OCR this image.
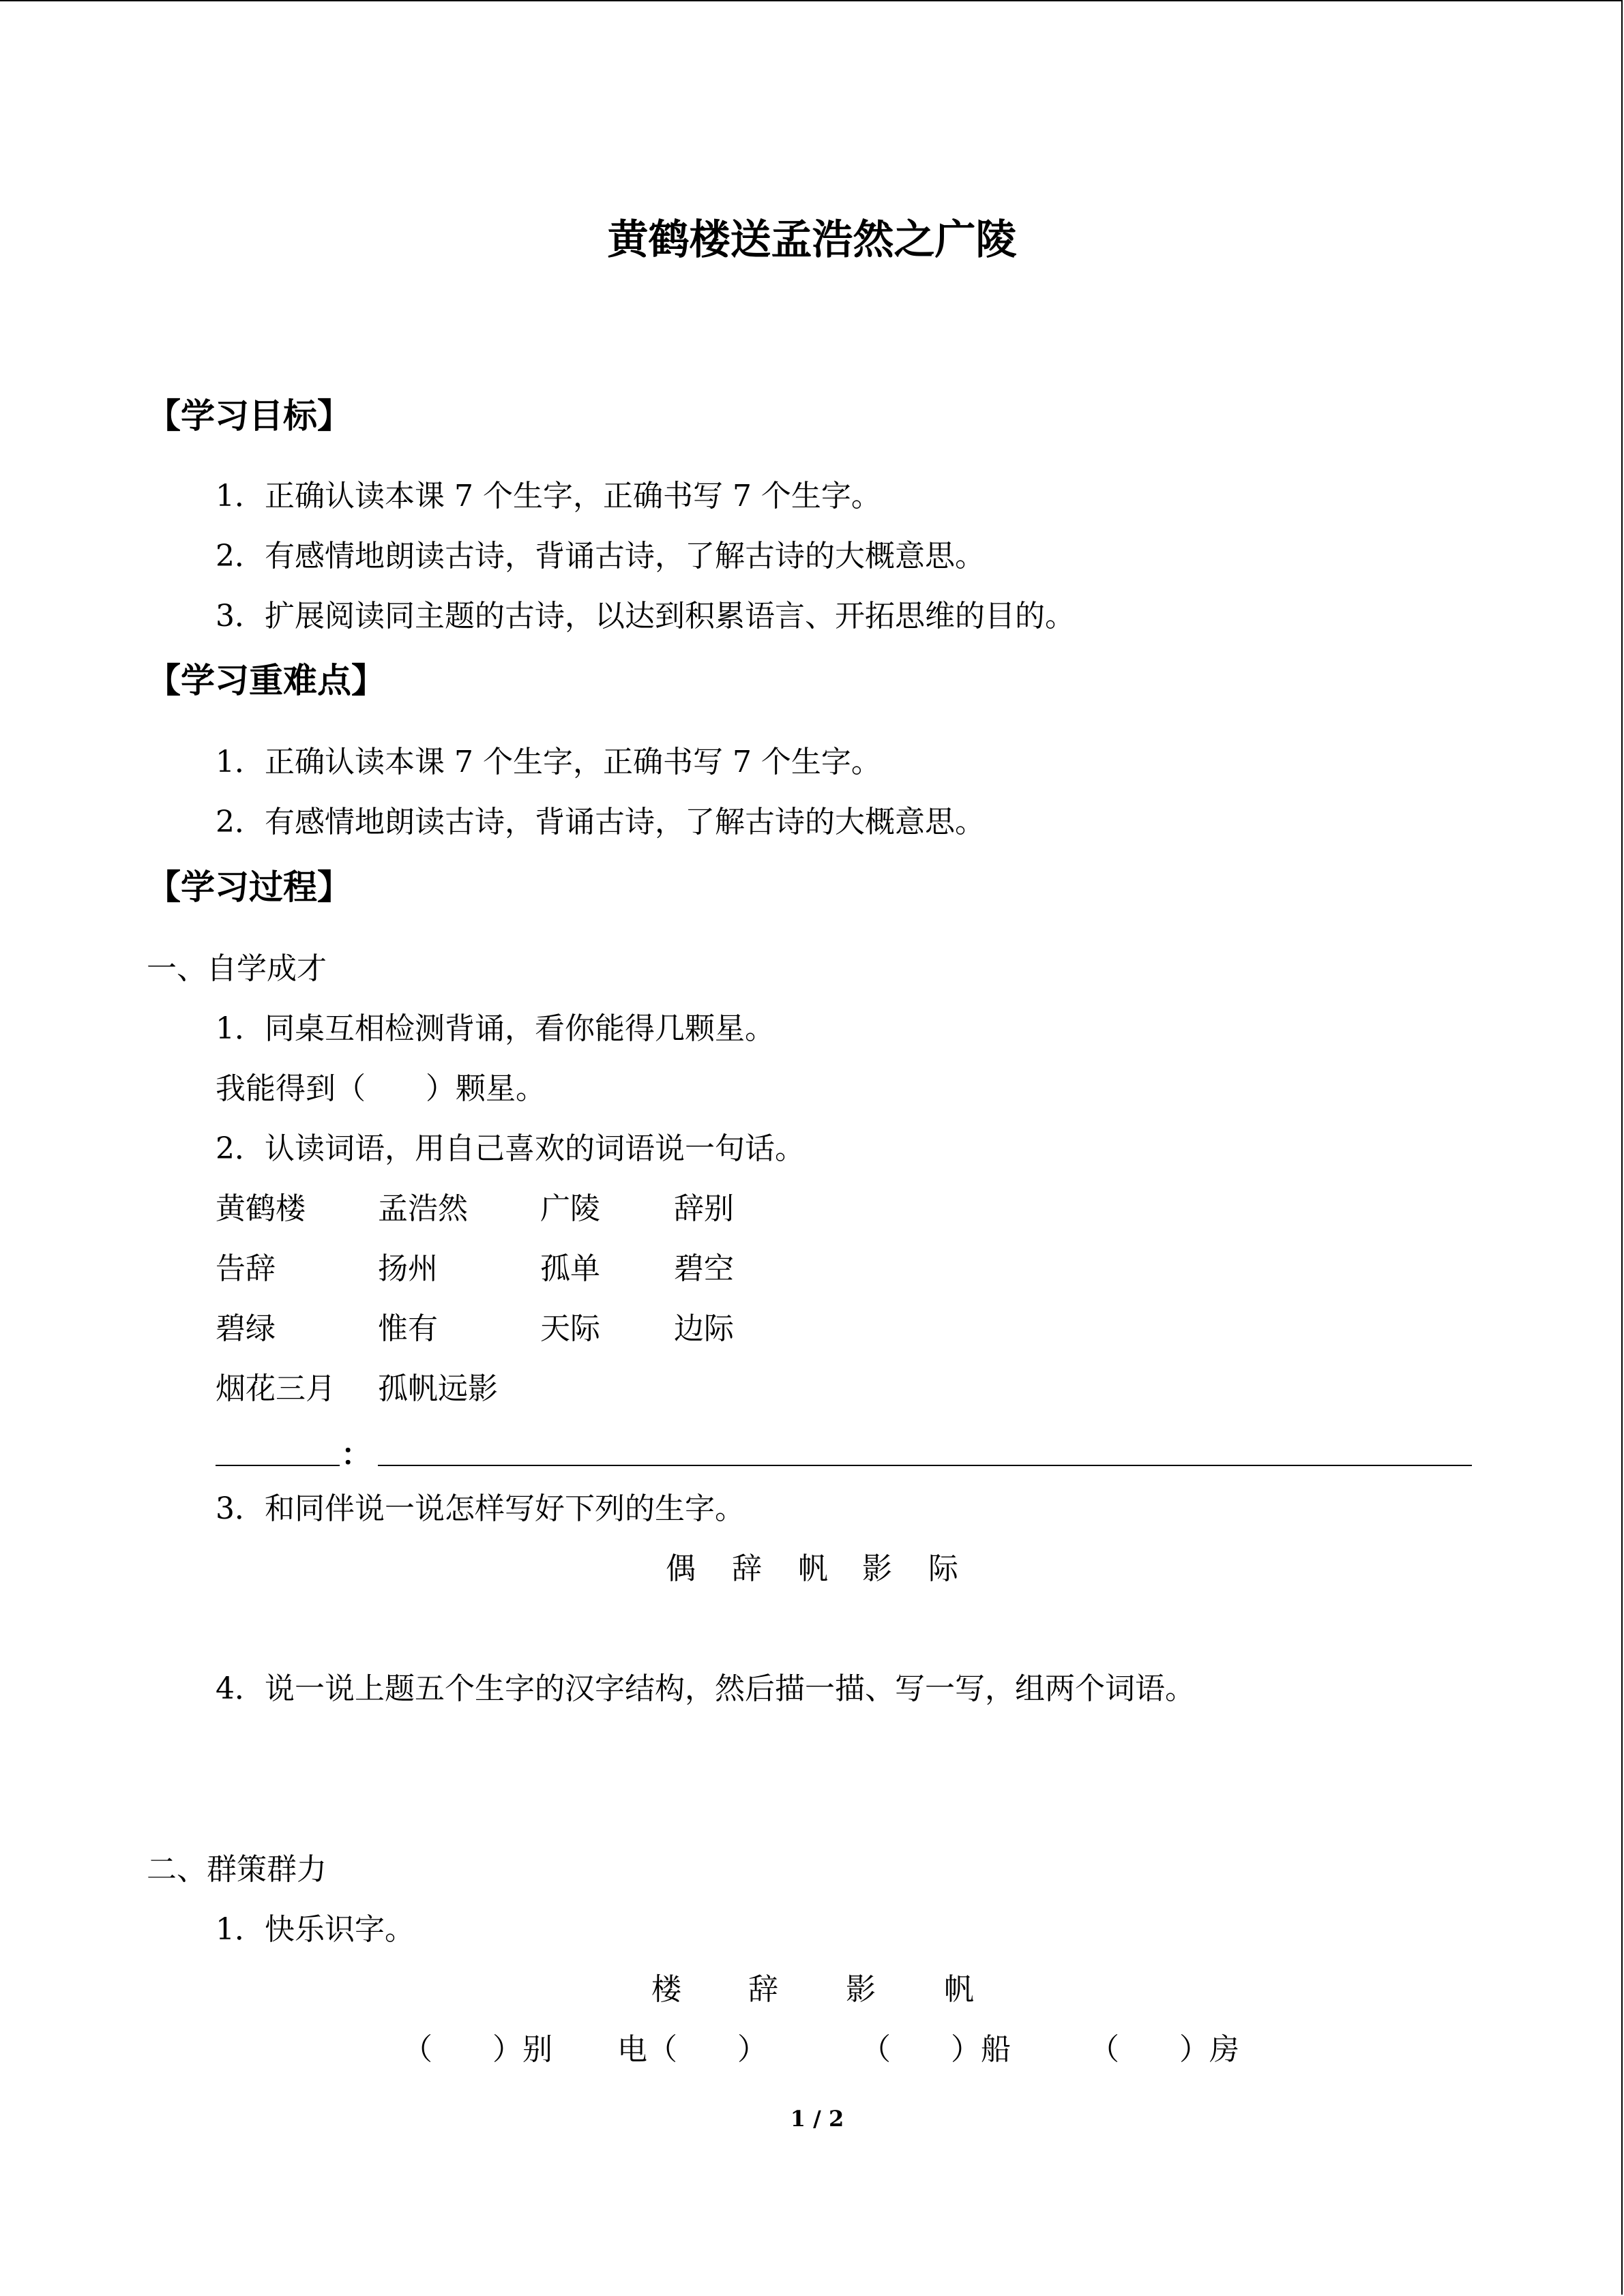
黄鹤楼送孟浩然之广陵
【学习目标】
1．正确认读本课 7 个生字，正确书写 7 个生字。
2．有感情地朗读古诗，背诵古诗，了解古诗的大概意思。
3．扩展阅读同主题的古诗，以达到积累语言、开拓思维的目的。
【学习重难点】
1．正确认读本课 7 个生字，正确书写 7 个生字。
2．有感情地朗读古诗，背诵古诗，了解古诗的大概意思。
【学习过程】
一、自学成才
1．同桌互相检测背诵，看你能得几颗星。
我能得到（　　）颗星。
2．认读词语，用自己喜欢的词语说一句话。
黄鹤楼 孟浩然 广陵 辞别
告辞	扬州	孤单 碧空
碧绿	惟有	天际 边际
烟花三月 孤帆远影
：
3．和同伴说一说怎样写好下列的生字。
偶 辞 帆 影 际
4．说一说上题五个生字的汉字结构，然后描一描、写一写，组两个词语。
二、群策群力
1．快乐识字。
楼 辞 影 帆
（　　）别 电（　　）	（　　）船	（　　）房
1 / 2
